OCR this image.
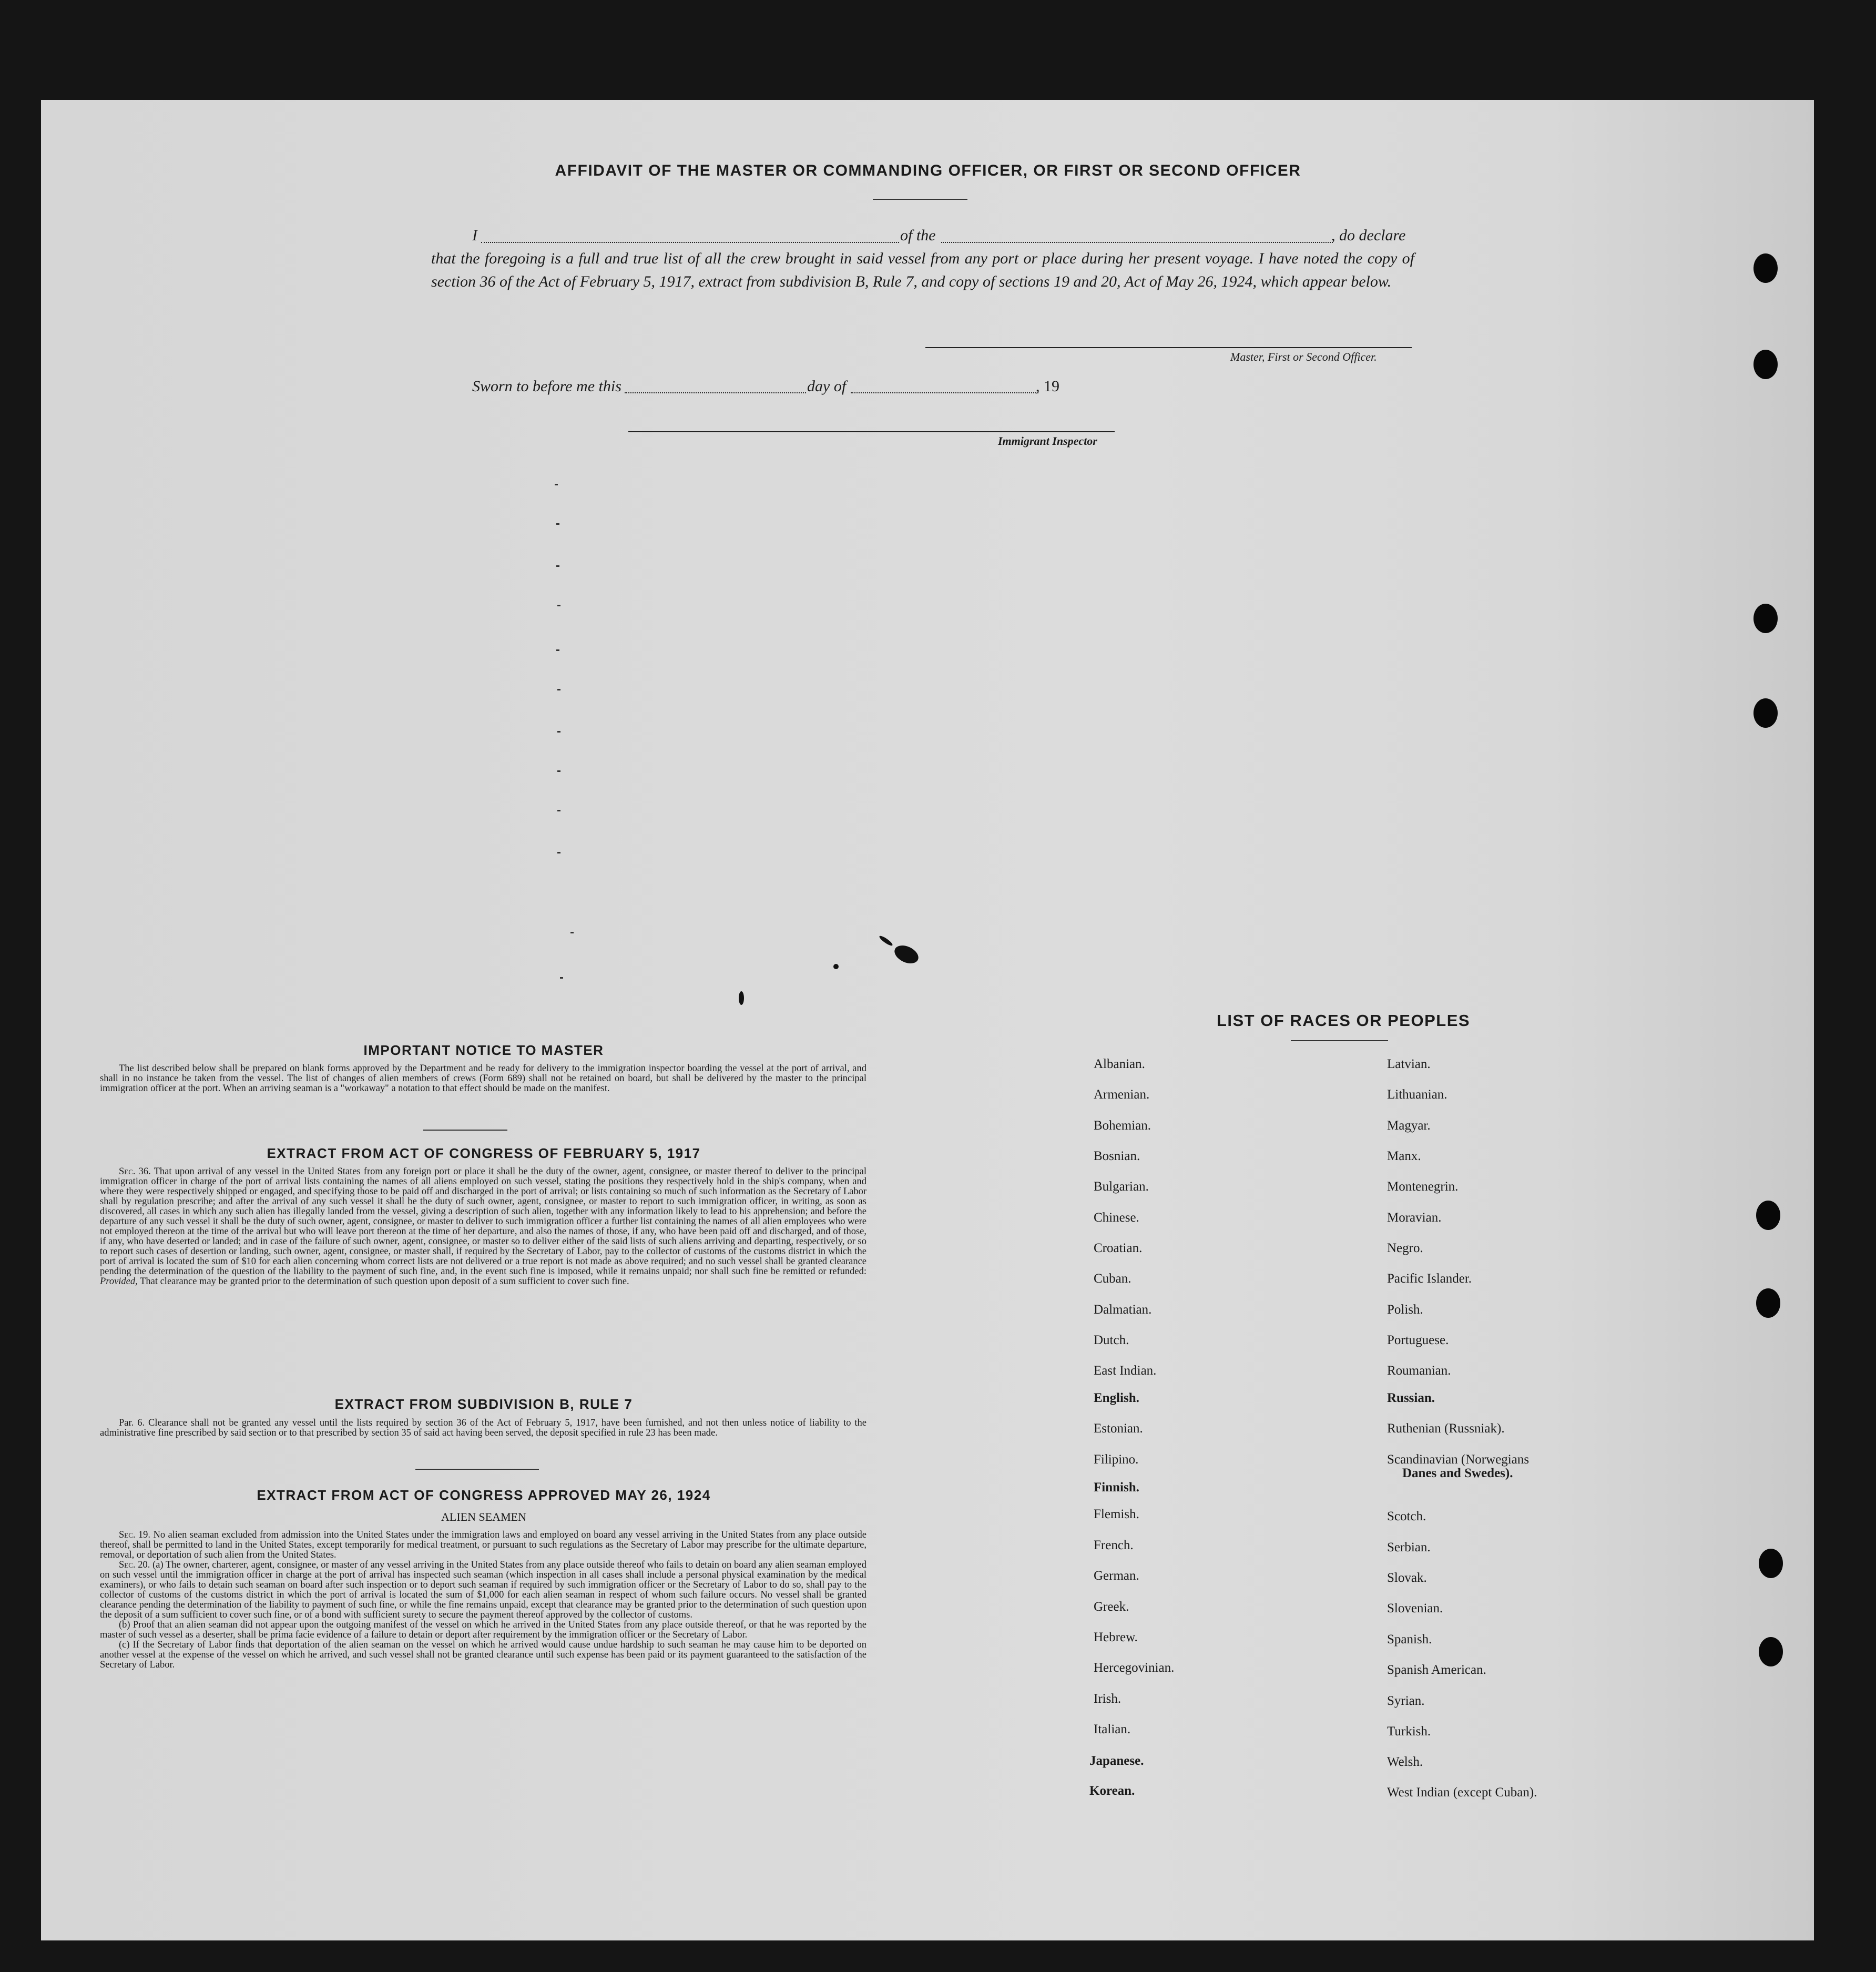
AFFIDAVIT OF THE MASTER OR COMMANDING OFFICER, OR FIRST OR SECOND OFFICER
I	of the	, do declare
that the foregoing is a full and true list of all the crew brought in said vessel from any port or place during her present voyage. I have noted the copy of section 36 of the Act of February 5, 1917, extract from subdivision B, Rule 7, and copy of sections 19 and 20, Act of May 26, 1924, which appear below.
Master, First or Second Officer.
Sworn to before me this	day of	, 19
Immigrant Inspector
IMPORTANT NOTICE TO MASTER

The list described below shall be prepared on blank forms approved by the Department and be ready for delivery to the immigration inspector boarding the vessel at the port of arrival, and shall in no instance be taken from the vessel. The list of changes of alien members of crews (Form 689) shall not be retained on board, but shall be delivered by the master to the principal immigration officer at the port. When an arriving seaman is a "workaway" a notation to that effect should be made on the manifest.

EXTRACT FROM ACT OF CONGRESS OF FEBRUARY 5, 1917

Sec. 36. That upon arrival of any vessel in the United States from any foreign port or place it shall be the duty of the owner, agent, consignee, or master thereof to deliver to the principal immigration officer in charge of the port of arrival lists containing the names of all aliens employed on such vessel, stating the positions they respectively hold in the ship's company, when and where they were respectively shipped or engaged, and specifying those to be paid off and discharged in the port of arrival; or lists containing so much of such information as the Secretary of Labor shall by regulation prescribe; and after the arrival of any such vessel it shall be the duty of such owner, agent, consignee, or master to report to such immigration officer, in writing, as soon as discovered, all cases in which any such alien has illegally landed from the vessel, giving a description of such alien, together with any information likely to lead to his apprehension; and before the departure of any such vessel it shall be the duty of such owner, agent, consignee, or master to deliver to such immigration officer a further list containing the names of all alien employees who were not employed thereon at the time of the arrival but who will leave port thereon at the time of her departure, and also the names of those, if any, who have been paid off and discharged, and of those, if any, who have deserted or landed; and in case of the failure of such owner, agent, consignee, or master so to deliver either of the said lists of such aliens arriving and departing, respectively, or so to report such cases of desertion or landing, such owner, agent, consignee, or master shall, if required by the Secretary of Labor, pay to the collector of customs of the customs district in which the port of arrival is located the sum of $10 for each alien concerning whom correct lists are not delivered or a true report is not made as above required; and no such vessel shall be granted clearance pending the determination of the question of the liability to the payment of such fine, and, in the event such fine is imposed, while it remains unpaid; nor shall such fine be remitted or refunded: Provided, That clearance may be granted prior to the determination of such question upon deposit of a sum sufficient to cover such fine.

EXTRACT FROM SUBDIVISION B, RULE 7

Par. 6. Clearance shall not be granted any vessel until the lists required by section 36 of the Act of February 5, 1917, have been furnished, and not then unless notice of liability to the administrative fine prescribed by said section or to that prescribed by section 35 of said act having been served, the deposit specified in rule 23 has been made.

EXTRACT FROM ACT OF CONGRESS APPROVED MAY 26, 1924
ALIEN SEAMEN

Sec. 19. No alien seaman excluded from admission into the United States under the immigration laws and employed on board any vessel arriving in the United States from any place outside thereof, shall be permitted to land in the United States, except temporarily for medical treatment, or pursuant to such regulations as the Secretary of Labor may prescribe for the ultimate departure, removal, or deportation of such alien from the United States.

Sec. 20. (a) The owner, charterer, agent, consignee, or master of any vessel arriving in the United States from any place outside thereof who fails to detain on board any alien seaman employed on such vessel until the immigration officer in charge at the port of arrival has inspected such seaman (which inspection in all cases shall include a personal physical examination by the medical examiners), or who fails to detain such seaman on board after such inspection or to deport such seaman if required by such immigration officer or the Secretary of Labor to do so, shall pay to the collector of customs of the customs district in which the port of arrival is located the sum of $1,000 for each alien seaman in respect of whom such failure occurs. No vessel shall be granted clearance pending the determination of the liability to payment of such fine, or while the fine remains unpaid, except that clearance may be granted prior to the determination of such question upon the deposit of a sum sufficient to cover such fine, or of a bond with sufficient surety to secure the payment thereof approved by the collector of customs.

(b) Proof that an alien seaman did not appear upon the outgoing manifest of the vessel on which he arrived in the United States from any place outside thereof, or that he was reported by the master of such vessel as a deserter, shall be prima facie evidence of a failure to detain or deport after requirement by the immigration officer or the Secretary of Labor.

(c) If the Secretary of Labor finds that deportation of the alien seaman on the vessel on which he arrived would cause undue hardship to such seaman he may cause him to be deported on another vessel at the expense of the vessel on which he arrived, and such vessel shall not be granted clearance until such expense has been paid or its payment guaranteed to the satisfaction of the Secretary of Labor.

LIST OF RACES OR PEOPLES
Albanian.
Armenian.
Bohemian.
Bosnian.
Bulgarian.
Chinese.
Croatian.
Cuban.
Dalmatian.
Dutch.
East Indian.
English.
Estonian.
Filipino.
Finnish.
Flemish.
French.
German.
Greek.
Hebrew.
Hercegovinian.
Irish.
Italian.
Japanese.
Korean.
Latvian.
Lithuanian.
Magyar.
Manx.
Montenegrin.
Moravian.
Negro.
Pacific Islander.
Polish.
Portuguese.
Roumanian.
Russian.
Ruthenian (Russniak).
Scandinavian (Norwegians
Danes and Swedes).
Scotch.
Serbian.
Slovak.
Slovenian.
Spanish.
Spanish American.
Syrian.
Turkish.
Welsh.
West Indian (except Cuban).
